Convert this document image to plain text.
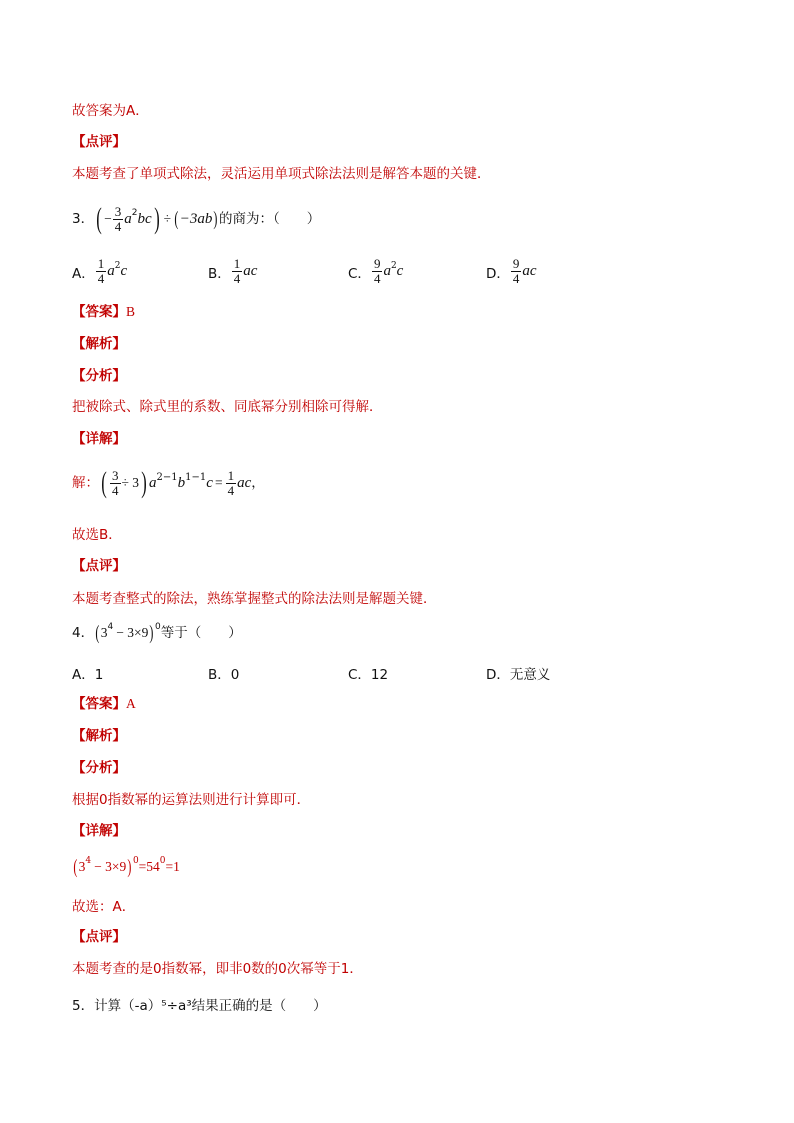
故答案为A．
【点评】
本题考查了单项式除法，灵活运用单项式除法法则是解答本题的关键．
3． ( − $\frac{3}{4}$ a 2 bc ) ÷ ( −3ab ) 的商为：（　　）
A． $\frac{1}{4}$ a 2 c	B． $\frac{1}{4}$ ac	C． $\frac{9}{4}$ a 2 c	D． $\frac{9}{4}$ ac
【答案】B
【解析】
【分析】
把被除式、除式里的系数、同底幂分别相除可得解．
【详解】
解： ( $\frac{3}{4} \div 3$ ) a 2−1 b 1−1 $c = \frac{1}{4}$ ac ，
故选B．
【点评】
本题考查整式的除法，熟练掌握整式的除法法则是解题关键．
4． ( 3 4 − 3×9 ) 0 等于（　　）
A．1	B．0	C．12	D．无意义
【答案】A
【解析】
【分析】
根据0指数幂的运算法则进行计算即可．
【详解】
( 3 4 − 3×9 ) 0 =54 0 =1
故选：A．
【点评】
本题考查的是0指数幂，即非0数的0次幂等于1．
5．计算（-a）⁵÷a³结果正确的是（　　）
